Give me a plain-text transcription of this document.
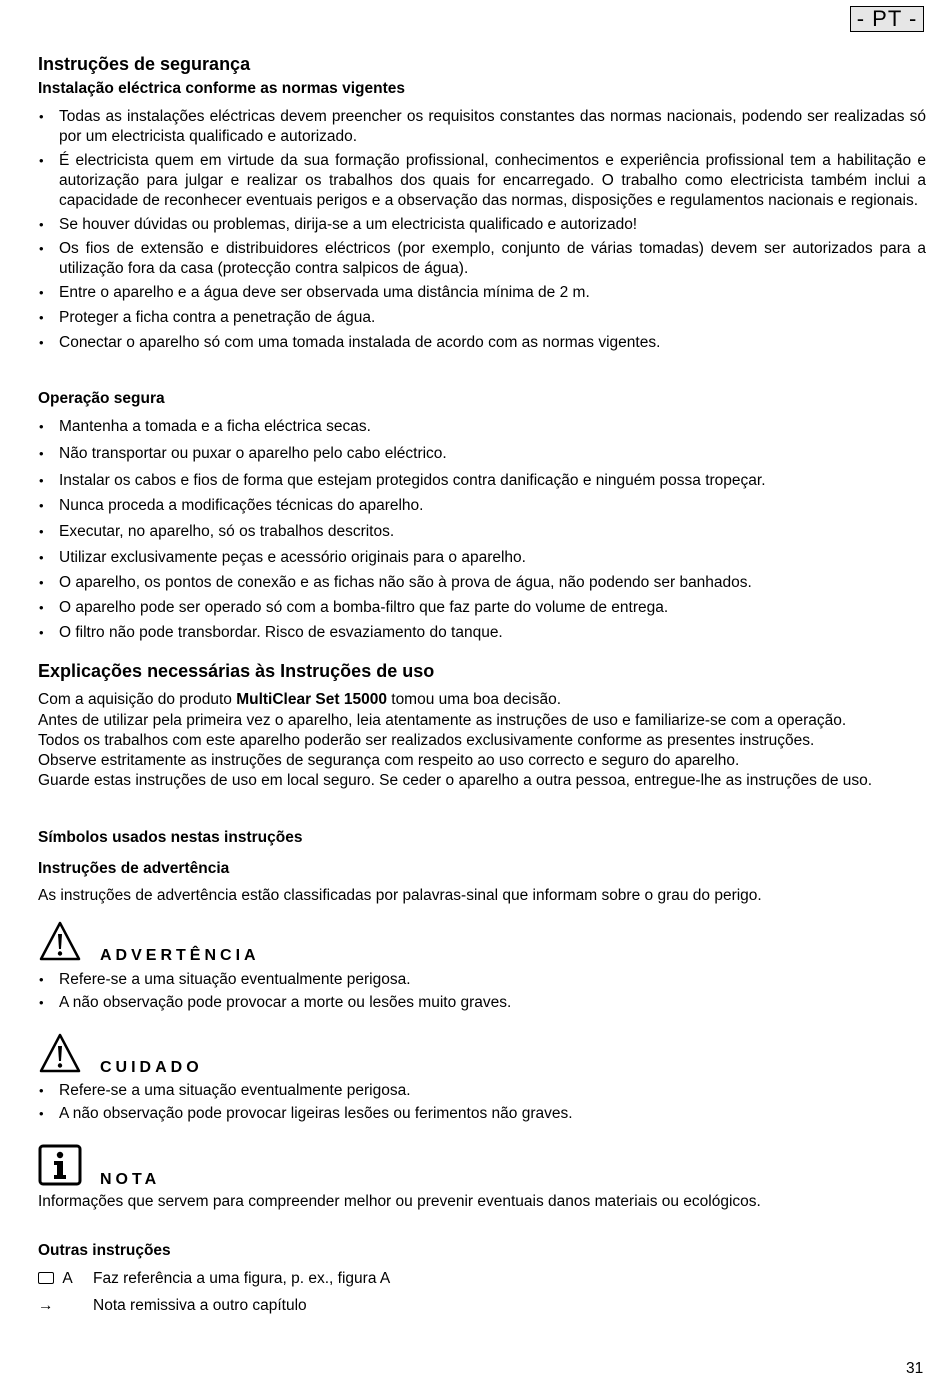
- PT -
Instruções de segurança
Instalação eléctrica conforme as normas vigentes
• Todas as instalações eléctricas devem preencher os requisitos constantes das normas nacionais, podendo ser realizadas só por um electricista qualificado e autorizado.
• É electricista quem em virtude da sua formação profissional, conhecimentos e experiência profissional tem a habilitação e autorização para julgar e realizar os trabalhos dos quais for encarregado. O trabalho como electricista também inclui a capacidade de reconhecer eventuais perigos e a observação das normas, disposições e regulamentos nacionais e regionais.
• Se houver dúvidas ou problemas, dirija-se a um electricista qualificado e autorizado!
• Os fios de extensão e distribuidores eléctricos (por exemplo, conjunto de várias tomadas) devem ser autorizados para a utilização fora da casa (protecção contra salpicos de água).
• Entre o aparelho e a água deve ser observada uma distância mínima de 2 m.
• Proteger a ficha contra a penetração de água.
• Conectar o aparelho só com uma tomada instalada de acordo com as normas vigentes.
Operação segura
• Mantenha a tomada e a ficha eléctrica secas.
• Não transportar ou puxar o aparelho pelo cabo eléctrico.
• Instalar os cabos e fios de forma que estejam protegidos contra danificação e ninguém possa tropeçar.
• Nunca proceda a modificações técnicas do aparelho.
• Executar, no aparelho, só os trabalhos descritos.
• Utilizar exclusivamente peças e acessório originais para o aparelho.
• O aparelho, os pontos de conexão e as fichas não são à prova de água, não podendo ser banhados.
• O aparelho pode ser operado só com a bomba-filtro que faz parte do volume de entrega.
• O filtro não pode transbordar. Risco de esvaziamento do tanque.
Explicações necessárias às Instruções de uso
Com a aquisição do produto MultiClear Set 15000 tomou uma boa decisão.
Antes de utilizar pela primeira vez o aparelho, leia atentamente as instruções de uso e familiarize-se com a operação.
Todos os trabalhos com este aparelho poderão ser realizados exclusivamente conforme as presentes instruções.
Observe estritamente as instruções de segurança com respeito ao uso correcto e seguro do aparelho.
Guarde estas instruções de uso em local seguro. Se ceder o aparelho a outra pessoa, entregue-lhe as instruções de uso.
Símbolos usados nestas instruções
Instruções de advertência
As instruções de advertência estão classificadas por palavras-sinal que informam sobre o grau do perigo.
ADVERTÊNCIA
• Refere-se a uma situação eventualmente perigosa.
• A não observação pode provocar a morte ou lesões muito graves.
CUIDADO
• Refere-se a uma situação eventualmente perigosa.
• A não observação pode provocar ligeiras lesões ou ferimentos não graves.
NOTA
Informações que servem para compreender melhor ou prevenir eventuais danos materiais ou ecológicos.
Outras instruções
A Faz referência a uma figura, p. ex., figura A
→	Nota remissiva a outro capítulo
31
